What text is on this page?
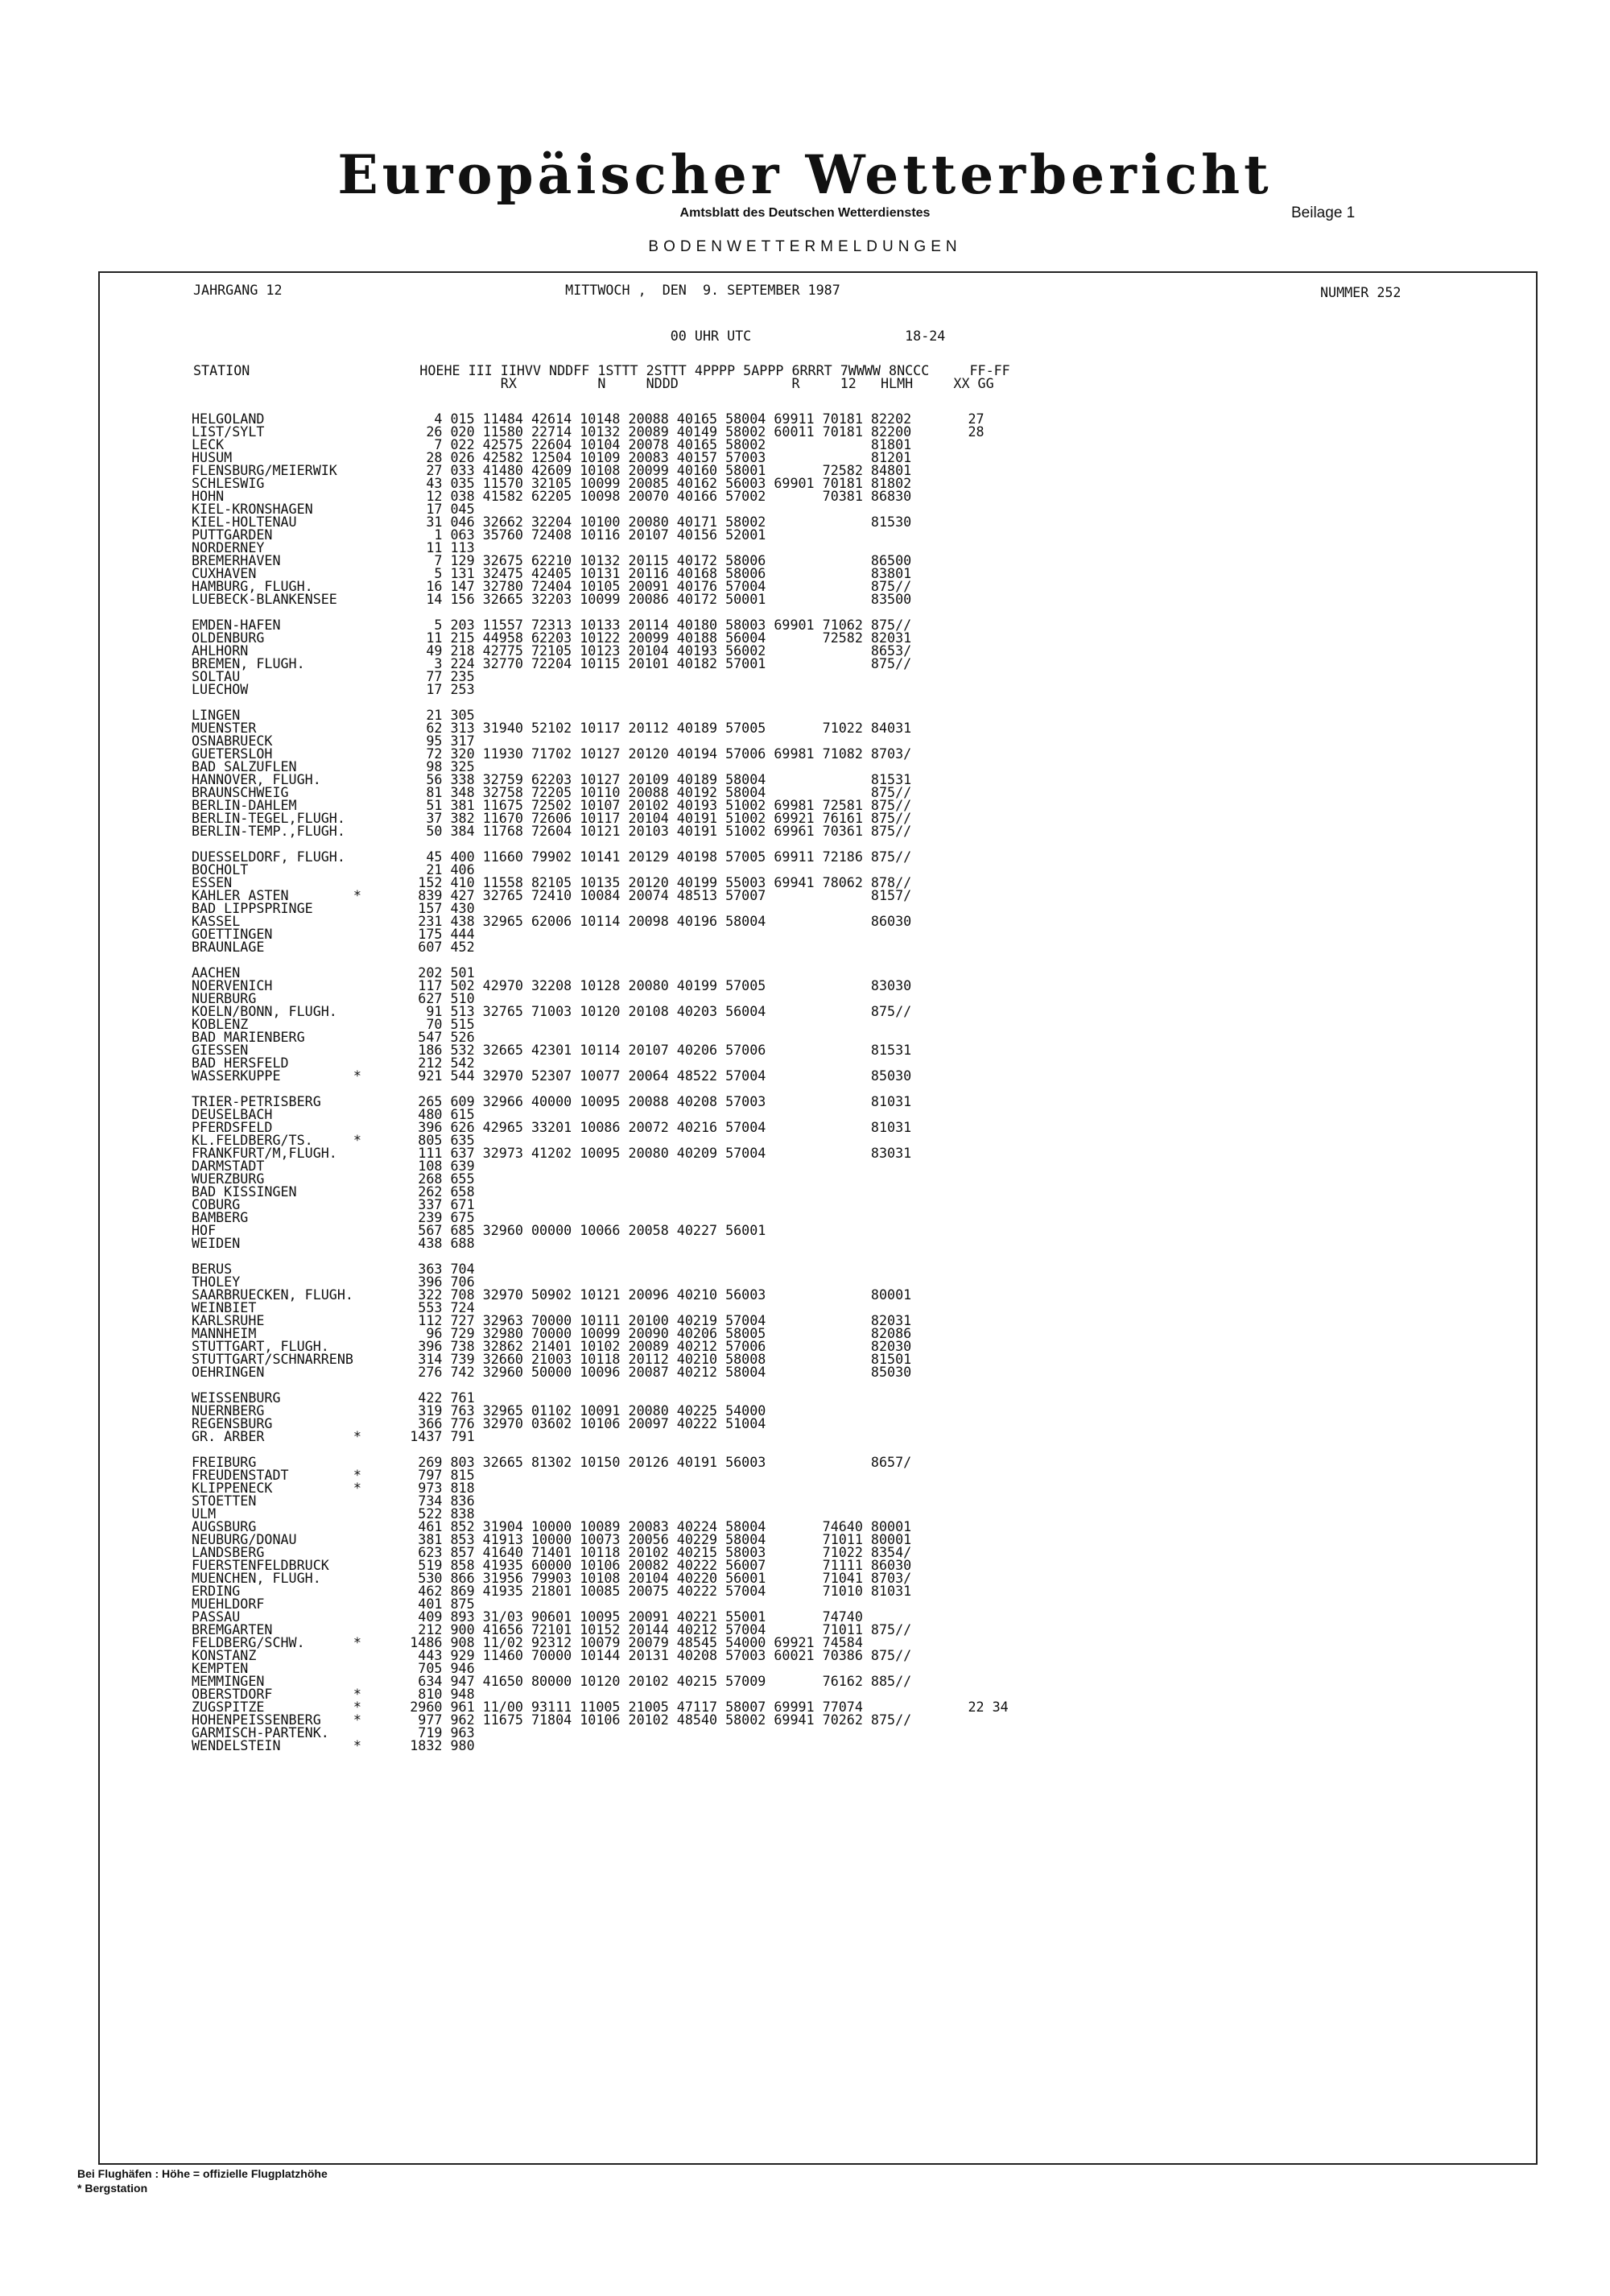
Europäischer Wetterbericht
Amtsblatt des Deutschen Wetterdienstes	Beilage 1
BODENWETTERMELDUNGEN
JAHRGANG 12                                   MITTWOCH ,  DEN  9. SEPTEMBER 1987	NUMMER 252
00 UHR UTC                   18-24
STATION                     HOEHE III IIHVV NDDFF 1STTT 2STTT 4PPPP 5APPP 6RRRT 7WWWW 8NCCC     FF-FF
RX          N     NDDD              R     12   HLMH     XX GG
HELGOLAND                     4 015 11484 42614 10148 20088 40165 58004 69911 70181 82202       27
LIST/SYLT                    26 020 11580 22714 10132 20089 40149 58002 60011 70181 82200       28
LECK                          7 022 42575 22604 10104 20078 40165 58002             81801
HUSUM                        28 026 42582 12504 10109 20083 40157 57003             81201
FLENSBURG/MEIERWIK           27 033 41480 42609 10108 20099 40160 58001       72582 84801
SCHLESWIG                    43 035 11570 32105 10099 20085 40162 56003 69901 70181 81802
HOHN                         12 038 41582 62205 10098 20070 40166 57002       70381 86830
KIEL-KRONSHAGEN              17 045
KIEL-HOLTENAU                31 046 32662 32204 10100 20080 40171 58002             81530
PUTTGARDEN                    1 063 35760 72408 10116 20107 40156 52001
NORDERNEY                    11 113
BREMERHAVEN                   7 129 32675 62210 10132 20115 40172 58006             86500
CUXHAVEN                      5 131 32475 42405 10131 20116 40168 58006             83801
HAMBURG, FLUGH.              16 147 32780 72404 10105 20091 40176 57004             875//
LUEBECK-BLANKENSEE           14 156 32665 32203 10099 20086 40172 50001             83500

EMDEN-HAFEN                   5 203 11557 72313 10133 20114 40180 58003 69901 71062 875//
OLDENBURG                    11 215 44958 62203 10122 20099 40188 56004       72582 82031
AHLHORN                      49 218 42775 72105 10123 20104 40193 56002             8653/
BREMEN, FLUGH.                3 224 32770 72204 10115 20101 40182 57001             875//
SOLTAU                       77 235
LUECHOW                      17 253

LINGEN                       21 305
MUENSTER                     62 313 31940 52102 10117 20112 40189 57005       71022 84031
OSNABRUECK                   95 317
GUETERSLOH                   72 320 11930 71702 10127 20120 40194 57006 69981 71082 8703/
BAD SALZUFLEN                98 325
HANNOVER, FLUGH.             56 338 32759 62203 10127 20109 40189 58004             81531
BRAUNSCHWEIG                 81 348 32758 72205 10110 20088 40192 58004             875//
BERLIN-DAHLEM                51 381 11675 72502 10107 20102 40193 51002 69981 72581 875//
BERLIN-TEGEL,FLUGH.          37 382 11670 72606 10117 20104 40191 51002 69921 76161 875//
BERLIN-TEMP.,FLUGH.          50 384 11768 72604 10121 20103 40191 51002 69961 70361 875//

DUESSELDORF, FLUGH.          45 400 11660 79902 10141 20129 40198 57005 69911 72186 875//
BOCHOLT                      21 406
ESSEN                       152 410 11558 82105 10135 20120 40199 55003 69941 78062 878//
KAHLER ASTEN        *       839 427 32765 72410 10084 20074 48513 57007             8157/
BAD LIPPSPRINGE             157 430
KASSEL                      231 438 32965 62006 10114 20098 40196 58004             86030
GOETTINGEN                  175 444
BRAUNLAGE                   607 452

AACHEN                      202 501
NOERVENICH                  117 502 42970 32208 10128 20080 40199 57005             83030
NUERBURG                    627 510
KOELN/BONN, FLUGH.           91 513 32765 71003 10120 20108 40203 56004             875//
KOBLENZ                      70 515
BAD MARIENBERG              547 526
GIESSEN                     186 532 32665 42301 10114 20107 40206 57006             81531
BAD HERSFELD                212 542
WASSERKUPPE         *       921 544 32970 52307 10077 20064 48522 57004             85030

TRIER-PETRISBERG            265 609 32966 40000 10095 20088 40208 57003             81031
DEUSELBACH                  480 615
PFERDSFELD                  396 626 42965 33201 10086 20072 40216 57004             81031
KL.FELDBERG/TS.     *       805 635
FRANKFURT/M,FLUGH.          111 637 32973 41202 10095 20080 40209 57004             83031
DARMSTADT                   108 639
WUERZBURG                   268 655
BAD KISSINGEN               262 658
COBURG                      337 671
BAMBERG                     239 675
HOF                         567 685 32960 00000 10066 20058 40227 56001
WEIDEN                      438 688

BERUS                       363 704
THOLEY                      396 706
SAARBRUECKEN, FLUGH.        322 708 32970 50902 10121 20096 40210 56003             80001
WEINBIET                    553 724
KARLSRUHE                   112 727 32963 70000 10111 20100 40219 57004             82031
MANNHEIM                     96 729 32980 70000 10099 20090 40206 58005             82086
STUTTGART, FLUGH.           396 738 32862 21401 10102 20089 40212 57006             82030
STUTTGART/SCHNARRENB        314 739 32660 21003 10118 20112 40210 58008             81501
OEHRINGEN                   276 742 32960 50000 10096 20087 40212 58004             85030

WEISSENBURG                 422 761
NUERNBERG                   319 763 32965 01102 10091 20080 40225 54000
REGENSBURG                  366 776 32970 03602 10106 20097 40222 51004
GR. ARBER           *      1437 791

FREIBURG                    269 803 32665 81302 10150 20126 40191 56003             8657/
FREUDENSTADT        *       797 815
KLIPPENECK          *       973 818
STOETTEN                    734 836
ULM                         522 838
AUGSBURG                    461 852 31904 10000 10089 20083 40224 58004       74640 80001
NEUBURG/DONAU               381 853 41913 10000 10073 20056 40229 58004       71011 80001
LANDSBERG                   623 857 41640 71401 10118 20102 40215 58003       71022 8354/
FUERSTENFELDBRUCK           519 858 41935 60000 10106 20082 40222 56007       71111 86030
MUENCHEN, FLUGH.            530 866 31956 79903 10108 20104 40220 56001       71041 8703/
ERDING                      462 869 41935 21801 10085 20075 40222 57004       71010 81031
MUEHLDORF                   401 875
PASSAU                      409 893 31/03 90601 10095 20091 40221 55001       74740
BREMGARTEN                  212 900 41656 72101 10152 20144 40212 57004       71011 875//
FELDBERG/SCHW.      *      1486 908 11/02 92312 10079 20079 48545 54000 69921 74584
KONSTANZ                    443 929 11460 70000 10144 20131 40208 57003 60021 70386 875//
KEMPTEN                     705 946
MEMMINGEN                   634 947 41650 80000 10120 20102 40215 57009       76162 885//
OBERSTDORF          *       810 948
ZUGSPITZE           *      2960 961 11/00 93111 11005 21005 47117 58007 69991 77074             22 34
HOHENPEISSENBERG    *       977 962 11675 71804 10106 20102 48540 58002 69941 70262 875//
GARMISCH-PARTENK.           719 963
WENDELSTEIN         *      1832 980
Bei Flughäfen : Höhe = offizielle Flugplatzhöhe
* Bergstation
